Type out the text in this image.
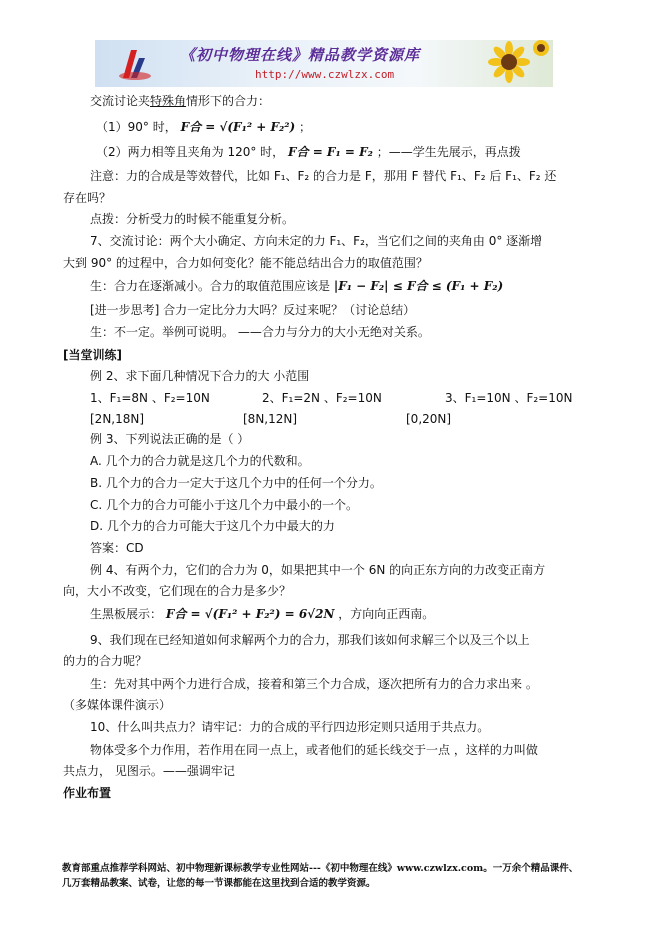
《初中物理在线》精品教学资源库
http://www.czwlzx.com
交流讨论夹特殊角情形下的合力：
（1）90° 时， F合 = √(F₁² + F₂²) ；
（2）两力相等且夹角为 120° 时， F合 = F₁ = F₂ ；——学生先展示，再点拨
注意：力的合成是等效替代，比如 F₁、F₂ 的合力是 F，那用 F 替代 F₁、F₂ 后 F₁、F₂ 还
存在吗？
点拨：分析受力的时候不能重复分析。
7、交流讨论：两个大小确定、方向未定的力 F₁、F₂，当它们之间的夹角由 0° 逐渐增
大到 90° 的过程中，合力如何变化？能不能总结出合力的取值范围？
生：合力在逐渐减小。合力的取值范围应该是 |F₁ − F₂| ≤ F合 ≤ (F₁ + F₂)
[进一步思考] 合力一定比分力大吗？反过来呢？（讨论总结）
生：不一定。举例可说明。 ——合力与分力的大小无绝对关系。
[当堂训练]
例 2、求下面几种情况下合力的大 小范围
1、F₁=8N 、F₂=10N	2、F₁=2N 、F₂=10N	3、F₁=10N 、F₂=10N
[2N,18N]	[8N,12N]	[0,20N]
例 3、下列说法正确的是（ ）
A. 几个力的合力就是这几个力的代数和。
B. 几个力的合力一定大于这几个力中的任何一个分力。
C. 几个力的合力可能小于这几个力中最小的一个。
D. 几个力的合力可能大于这几个力中最大的力
答案：CD
例 4、有两个力，它们的合力为 0，如果把其中一个 6N 的向正东方向的力改变正南方
向，大小不改变，它们现在的合力是多少？
生黑板展示： F合 = √(F₁² + F₂²) = 6√2N ，方向向正西南。
9、我们现在已经知道如何求解两个力的合力，那我们该如何求解三个以及三个以上
的力的合力呢？
生：先对其中两个力进行合成，接着和第三个力合成，逐次把所有力的合力求出来 。
（多媒体课件演示）
10、什么叫共点力？请牢记：力的合成的平行四边形定则只适用于共点力。
物体受多个力作用，若作用在同一点上，或者他们的延长线交于一点 ，这样的力叫做
共点力， 见图示。——强调牢记
作业布置
教育部重点推荐学科网站、初中物理新课标教学专业性网站---《初中物理在线》www.czwlzx.com。一万余个精品课件、
几万套精品教案、试卷，让您的每一节课都能在这里找到合适的教学资源。
